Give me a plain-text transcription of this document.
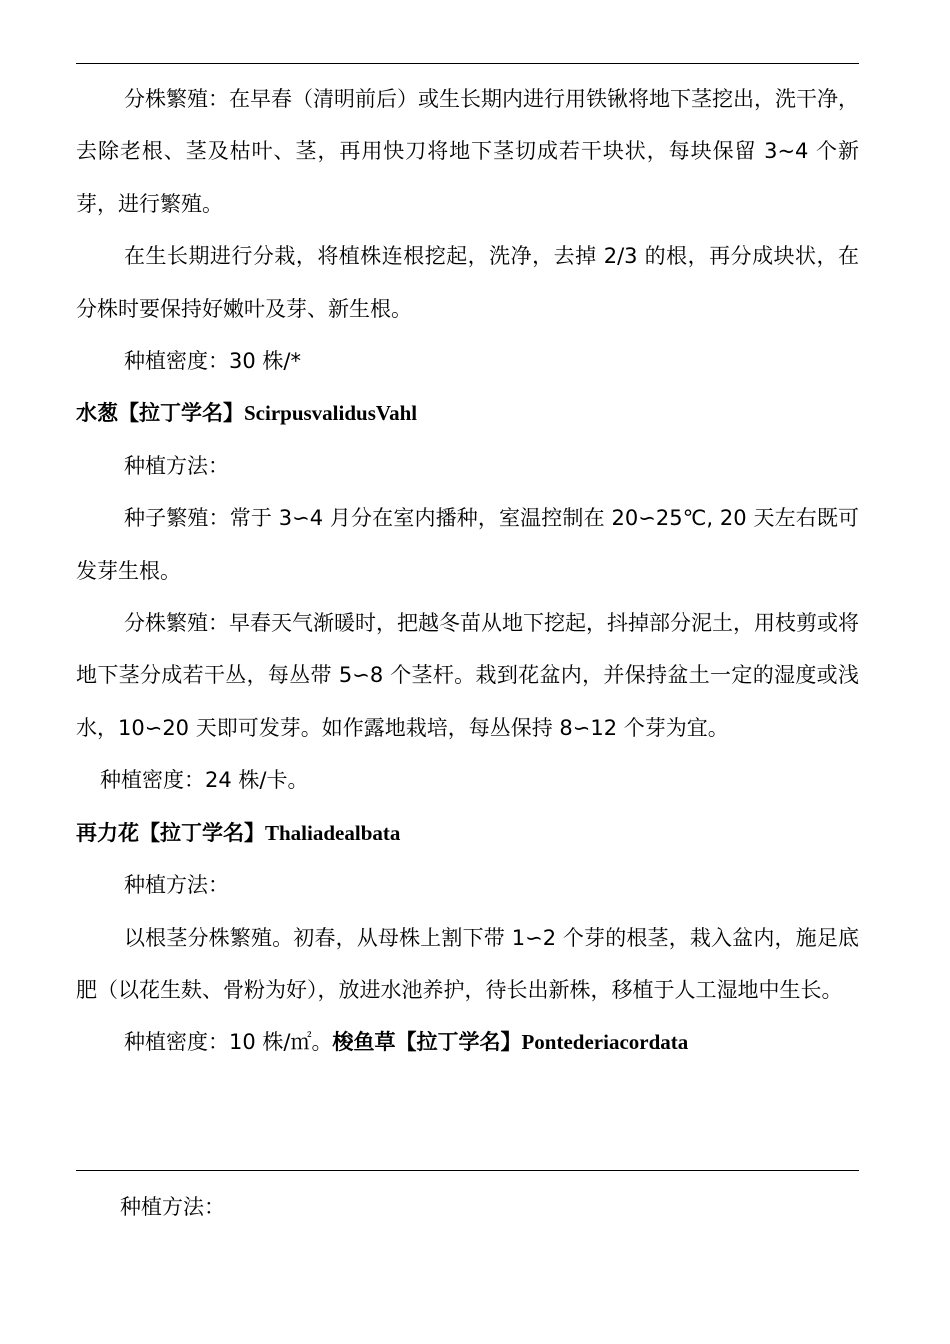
分株繁殖：在早春（清明前后）或生长期内进行用铁锹将地下茎挖出，洗干净，去除老根、茎及枯叶、茎，再用快刀将地下茎切成若干块状，每块保留 3~4 个新芽，进行繁殖。

在生长期进行分栽，将植株连根挖起，洗净，去掉 2/3 的根，再分成块状，在分株时要保持好嫩叶及芽、新生根。

种植密度：30 株/*

水葱【拉丁学名】ScirpusvalidusVahl

种植方法：

种子繁殖：常于 3∽4 月分在室内播种，室温控制在 20∽25℃, 20 天左右既可发芽生根。

分株繁殖：早春天气渐暖时，把越冬苗从地下挖起，抖掉部分泥土，用枝剪或将地下茎分成若干丛，每丛带 5∽8 个茎杆。栽到花盆内，并保持盆土一定的湿度或浅水，10∽20 天即可发芽。如作露地栽培，每丛保持 8∽12 个芽为宜。

种植密度：24 株/卡。

再力花【拉丁学名】Thaliadealbata

种植方法：

以根茎分株繁殖。初春，从母株上割下带 1∽2 个芽的根茎，栽入盆内，施足底肥（以花生麸、骨粉为好），放进水池养护，待长出新株，移植于人工湿地中生长。

种植密度：10 株/㎡。梭鱼草【拉丁学名】Pontederiacordata

种植方法：
